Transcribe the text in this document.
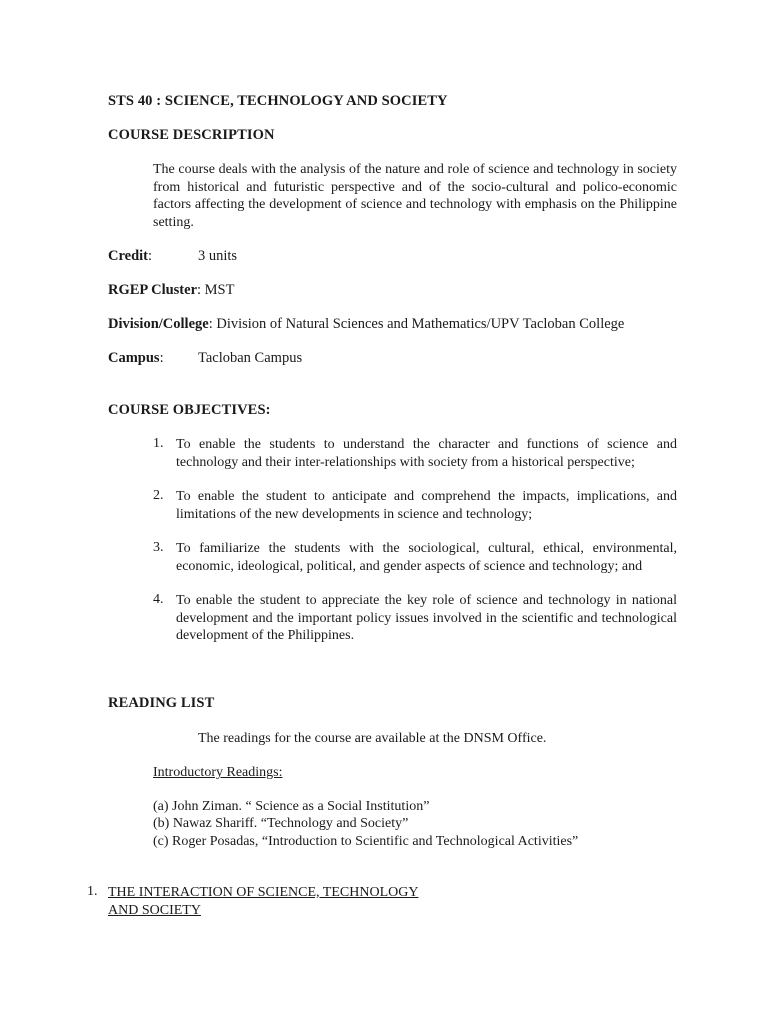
STS 40 : SCIENCE, TECHNOLOGY AND SOCIETY
COURSE DESCRIPTION
The course deals with the analysis of the nature and role of science and technology in society from historical and futuristic perspective and of the socio-cultural and polico-economic factors affecting the development of science and technology with emphasis on the Philippine setting.
Credit:	3 units
RGEP Cluster: MST
Division/College: Division of Natural Sciences and Mathematics/UPV Tacloban College
Campus: Tacloban Campus
COURSE OBJECTIVES:
1. To enable the students to understand the character and functions of science and technology and their inter-relationships with society from a historical perspective;
2. To enable the student to anticipate and comprehend the impacts, implications, and limitations of the new developments in science and technology;
3. To familiarize the students with the sociological, cultural, ethical, environmental, economic, ideological, political, and gender aspects of science and technology; and
4. To enable the student to appreciate the key role of science and technology in national development and the important policy issues involved in the scientific and technological development of the Philippines.
READING LIST
The readings for the course are available at the DNSM Office.
Introductory Readings:
(a) John Ziman. “ Science as a Social Institution”
(b) Nawaz Shariff. “Technology and Society”
(c) Roger Posadas, “Introduction to Scientific and Technological Activities”
1. THE INTERACTION OF SCIENCE, TECHNOLOGY
AND SOCIETY
